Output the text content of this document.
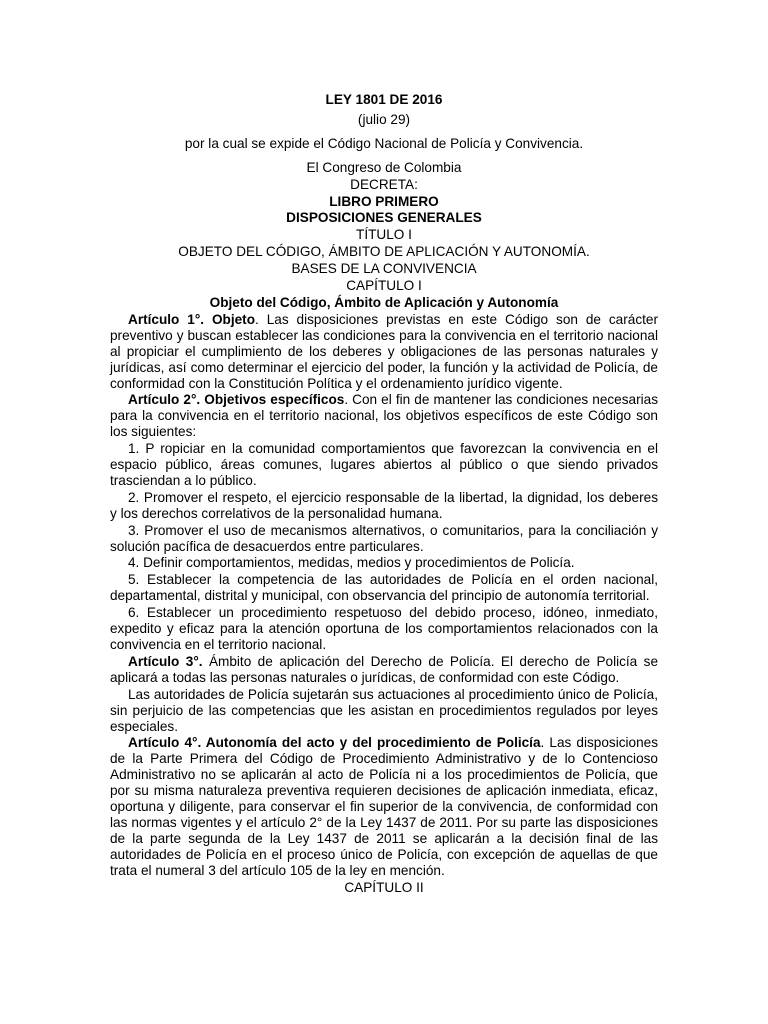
LEY 1801 DE 2016
(julio 29)
por la cual se expide el Código Nacional de Policía y Convivencia.
El Congreso de Colombia
DECRETA:
LIBRO PRIMERO
DISPOSICIONES GENERALES
TÍTULO I
OBJETO DEL CÓDIGO, ÁMBITO DE APLICACIÓN Y AUTONOMÍA.
BASES DE LA CONVIVENCIA
CAPÍTULO I
Objeto del Código, Ámbito de Aplicación y Autonomía
Artículo 1°. Objeto. Las disposiciones previstas en este Código son de carácter preventivo y buscan establecer las condiciones para la convivencia en el territorio nacional al propiciar el cumplimiento de los deberes y obligaciones de las personas naturales y jurídicas, así como determinar el ejercicio del poder, la función y la actividad de Policía, de conformidad con la Constitución Política y el ordenamiento jurídico vigente.
Artículo 2°. Objetivos específicos. Con el fin de mantener las condiciones necesarias para la convivencia en el territorio nacional, los objetivos específicos de este Código son los siguientes:
1. P ropiciar en la comunidad comportamientos que favorezcan la convivencia en el espacio público, áreas comunes, lugares abiertos al público o que siendo privados trasciendan a lo público.
2. Promover el respeto, el ejercicio responsable de la libertad, la dignidad, los deberes y los derechos correlativos de la personalidad humana.
3. Promover el uso de mecanismos alternativos, o comunitarios, para la conciliación y solución pacífica de desacuerdos entre particulares.
4. Definir comportamientos, medidas, medios y procedimientos de Policía.
5. Establecer la competencia de las autoridades de Policía en el orden nacional, departamental, distrital y municipal, con observancia del principio de autonomía territorial.
6. Establecer un procedimiento respetuoso del debido proceso, idóneo, inmediato, expedito y eficaz para la atención oportuna de los comportamientos relacionados con la convivencia en el territorio nacional.
Artículo 3°. Ámbito de aplicación del Derecho de Policía. El derecho de Policía se aplicará a todas las personas naturales o jurídicas, de conformidad con este Código.
Las autoridades de Policía sujetarán sus actuaciones al procedimiento único de Policía, sin perjuicio de las competencias que les asistan en procedimientos regulados por leyes especiales.
Artículo 4°. Autonomía del acto y del procedimiento de Policía. Las disposiciones de la Parte Primera del Código de Procedimiento Administrativo y de lo Contencioso Administrativo no se aplicarán al acto de Policía ni a los procedimientos de Policía, que por su misma naturaleza preventiva requieren decisiones de aplicación inmediata, eficaz, oportuna y diligente, para conservar el fin superior de la convivencia, de conformidad con las normas vigentes y el artículo 2° de la Ley 1437 de 2011. Por su parte las disposiciones de la parte segunda de la Ley 1437 de 2011 se aplicarán a la decisión final de las autoridades de Policía en el proceso único de Policía, con excepción de aquellas de que trata el numeral 3 del artículo 105 de la ley en mención.
CAPÍTULO II
